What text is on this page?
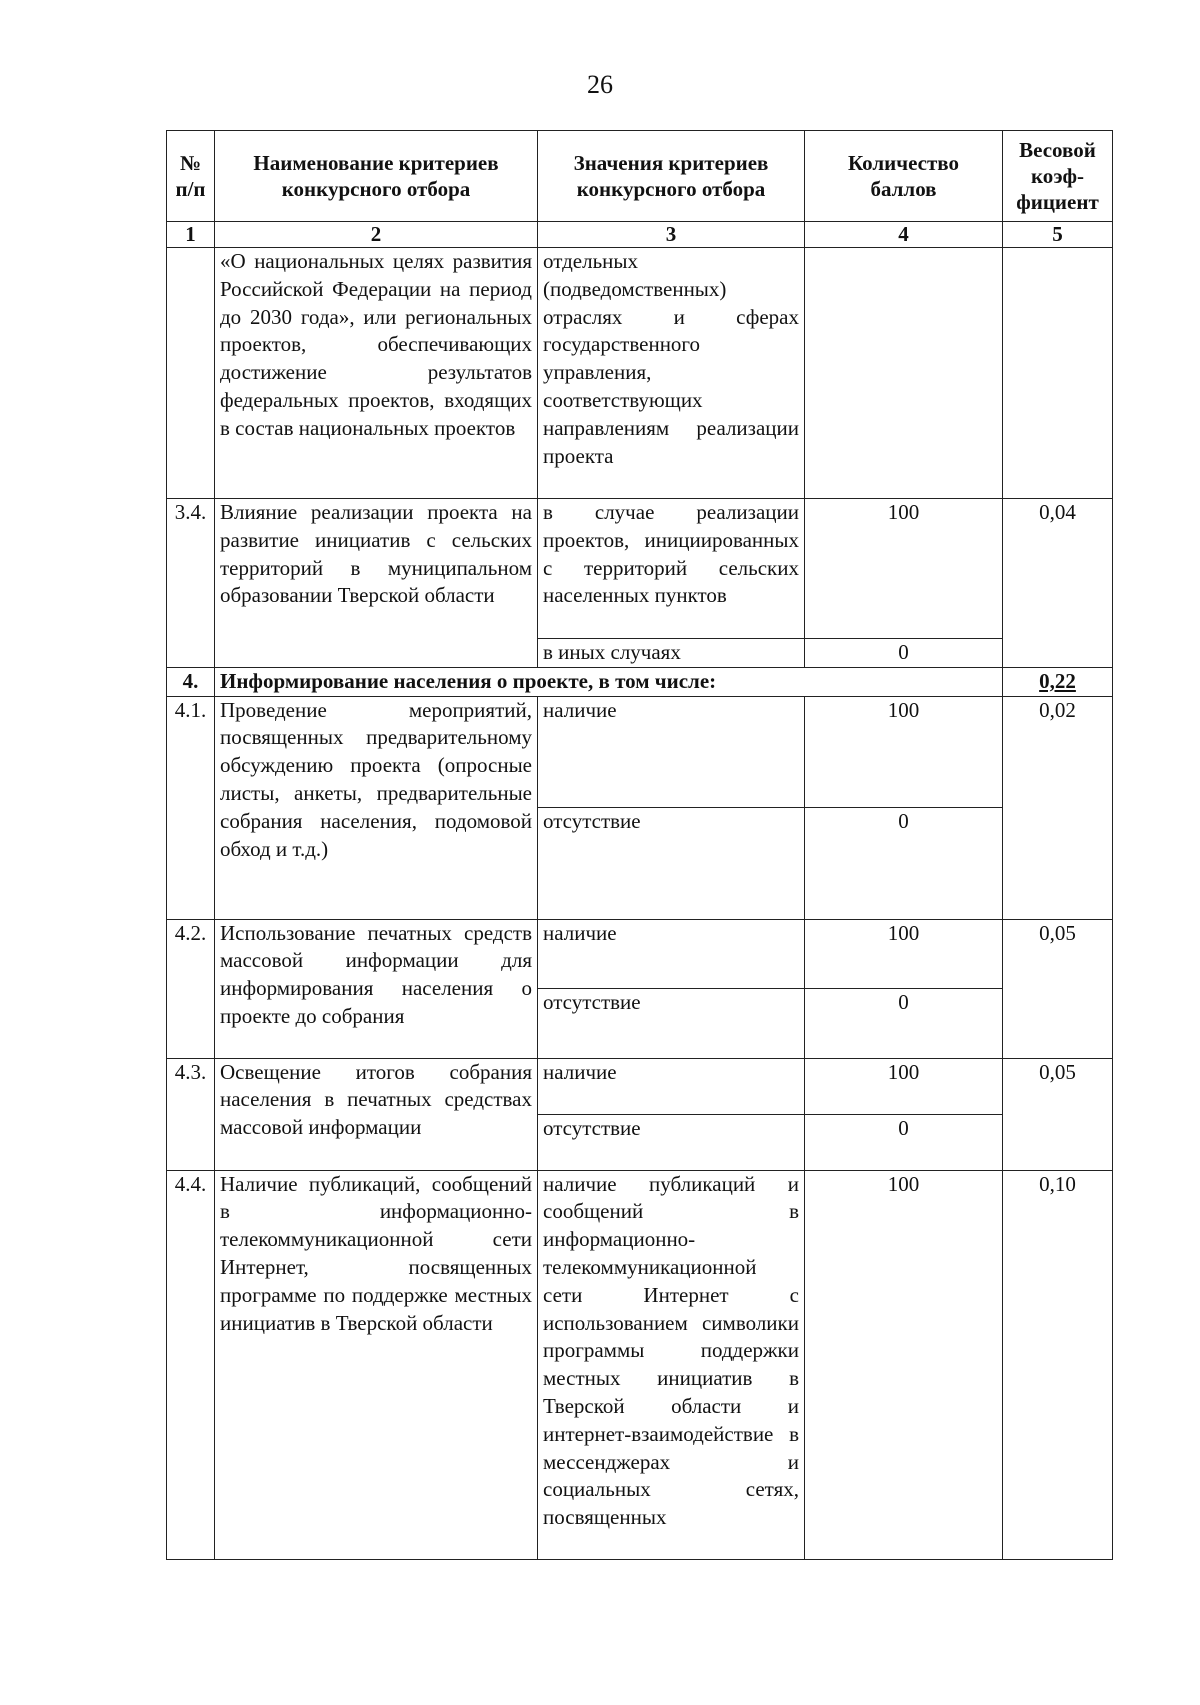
26
№ п/п	Наименование критериев конкурсного отбора	Значения критериев конкурсного отбора	Количество баллов	Весовой коэф-фициент
1	2	3	4	5
	«О национальных целях развития Российской Федерации на период до 2030 года», или региональных проектов, обеспечивающих достижение результатов федеральных проектов, входящих в состав национальных проектов	отдельных (подведомственных) отраслях и сферах государственного управления, соответствующих направлениям реализации проекта		
3.4.	Влияние реализации проекта на развитие инициатив с сельских территорий в муниципальном образовании Тверской области	в случае реализации проектов, инициированных с территорий сельских населенных пунктов	100	0,04
		в иных случаях	0	
4.	Информирование населения о проекте, в том числе:			0,22
4.1.	Проведение мероприятий, посвященных предварительному обсуждению проекта (опросные листы, анкеты, предварительные собрания населения, подомовой обход и т.д.)	наличие	100	0,02
		отсутствие	0	
4.2.	Использование печатных средств массовой информации для информирования населения о проекте до собрания	наличие	100	0,05
		отсутствие	0	
4.3.	Освещение итогов собрания населения в печатных средствах массовой информации	наличие	100	0,05
		отсутствие	0	
4.4.	Наличие публикаций, сообщений в информационно-телекоммуникационной сети Интернет, посвященных программе по поддержке местных инициатив в Тверской области	наличие публикаций и сообщений в информационно-телекоммуникационной сети Интернет с использованием символики программы поддержки местных инициатив в Тверской области и интернет-взаимодействие в мессенджерах и социальных сетях, посвященных	100	0,10
